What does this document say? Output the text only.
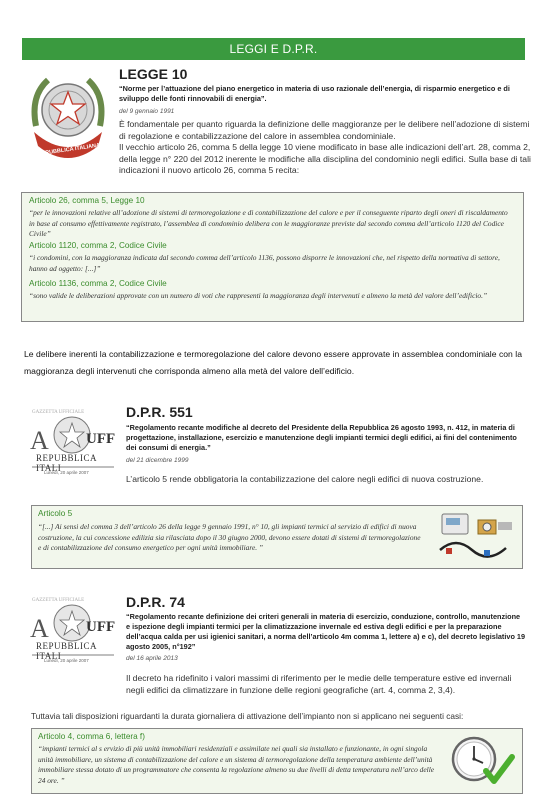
LEGGI E D.P.R.
REPUBBLICA ITALIANA
LEGGE 10
“Norme per l’attuazione del piano energetico in materia di uso razionale dell’energia, di risparmio energetico e di sviluppo delle fonti rinnovabili di energia”.
del 9 gennaio 1991
È fondamentale per quanto riguarda la definizione delle maggioranze per le delibere nell’adozione di sistemi di regolazione e contabilizzazione del calore in assemblea condominiale.
Il vecchio articolo 26, comma 5 della legge 10 viene modificato in base alle indicazioni dell’art. 28, comma 2, della legge n° 220 del 2012 inerente le modifiche alla disciplina del condominio negli edifici. Sulla base di tali indicazioni il nuovo articolo 26, comma 5 recita:
Articolo 26, comma 5, Legge 10
“per le innovazioni relative all’adozione di sistemi di termoregolazione e di contabilizzazione del calore e per il conseguente riparto degli oneri di riscaldamento in base al consumo effettivamente registrato, l’assemblea di condominio delibera con le maggioranze previste dal secondo comma dell’articolo 1120 del Codice Civile”
Articolo 1120, comma 2, Codice Civile
“i condomini, con la maggioranza indicata dal secondo comma dell’articolo 1136, possono disporre le innovazioni che, nel rispetto della normativa di settore, hanno ad oggetto: [...]”
Articolo 1136, comma 2, Codice Civile
“sono valide le deliberazioni approvate con un numero di voti che rappresenti la maggioranza degli intervenuti e almeno la metà del valore dell’edificio.”
Le delibere inerenti la contabilizzazione e termoregolazione del calore devono essere approvate in assemblea condominiale con la maggioranza degli intervenuti che corrisponda almeno alla metà del valore dell’edificio.
GAZZETTA UFFICIALE
A UFF
REPUBBLICA ITALI
Lunedì, 20 aprile 2007
D.P.R. 551
“Regolamento recante modifiche al decreto del Presidente della Repubblica 26 agosto 1993, n. 412, in materia di progettazione, installazione, esercizio e manutenzione degli impianti termici degli edifici, ai fini del contenimento dei consumi di energia.”
del 21 dicembre 1999
L’articolo 5 rende obbligatoria la contabilizzazione del calore negli edifici di nuova costruzione.
Articolo 5
“[...] Ai sensi del comma 3 dell’articolo 26 della legge 9 gennaio 1991, n° 10, gli impianti termici al servizio di edifici di nuova costruzione, la cui concessione edilizia sia rilasciata dopo il 30 giugno 2000, devono essere dotati di sistemi di termoregolazione e di contabilizzazione del consumo energetico per ogni unità immobiliare. ”
GAZZETTA UFFICIALE
A UFF
REPUBBLICA ITALI
Lunedì, 20 aprile 2007
D.P.R. 74
“Regolamento recante definizione dei criteri generali in materia di esercizio, conduzione, controllo, manutenzione e ispezione degli impianti termici per la climatizzazione invernale ed estiva degli edifici e per la preparazione dell’acqua calda per usi igienici sanitari, a norma dell’articolo 4m comma 1, lettere a) e c), del decreto legislativo 19 agosto 2005, n°192”
del 16 aprile 2013
Il decreto ha ridefinito i valori massimi di riferimento per le medie delle temperature estive ed invernali negli edifici da climatizzare in funzione delle regioni geografiche (art. 4, comma 2, 3,4).
Tuttavia tali disposizioni riguardanti la durata giornaliera di attivazione dell’impianto non si applicano nei seguenti casi:
Articolo 4, comma 6, lettera f)
“impianti termici al s ervizio di più unità immobiliari residenziali e assimilate nei quali sia installato e funzionante, in ogni singola unità immobiliare, un sistema di contabilizzazione del calore e un sistema di termoregolazione della temperatura ambiente dell’unità immobiliare stessa dotato di un programmatore che consenta la regolazione almeno su due livelli di detta temperatura nell’arco delle 24 ore. ”
